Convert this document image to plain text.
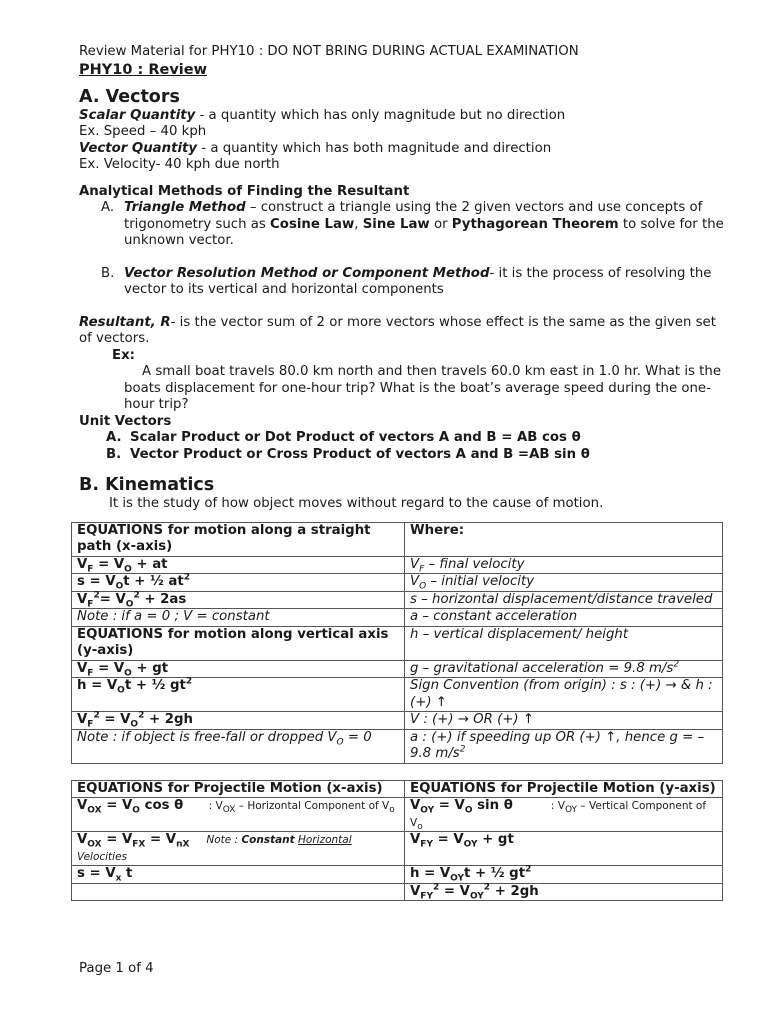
Review Material for PHY10 : DO NOT BRING DURING ACTUAL EXAMINATION
PHY10 : Review
A. Vectors
Scalar Quantity - a quantity which has only magnitude but no direction
Ex. Speed – 40 kph
Vector Quantity - a quantity which has both magnitude and direction
Ex. Velocity- 40 kph due north
Analytical Methods of Finding the Resultant
A. Triangle Method – construct a triangle using the 2 given vectors and use concepts of trigonometry such as Cosine Law, Sine Law or Pythagorean Theorem to solve for the unknown vector.
B. Vector Resolution Method or Component Method- it is the process of resolving the vector to its vertical and horizontal components
Resultant, R- is the vector sum of 2 or more vectors whose effect is the same as the given set of vectors.
Ex:
A small boat travels 80.0 km north and then travels 60.0 km east in 1.0 hr. What is the boats displacement for one-hour trip? What is the boat’s average speed during the one-hour trip?
Unit Vectors
A. Scalar Product or Dot Product of vectors A and B = AB cos θ
B. Vector Product or Cross Product of vectors A and B =AB sin θ
B. Kinematics
It is the study of how object moves without regard to the cause of motion.
EQUATIONS for motion along a straight path (x-axis)	Where:
$V_F = V_O$ + at	$V_F$ – final velocity
$s = V_Ot$ + ½ $at^2$	$V_O$ – initial velocity
$V_F^2= V_O^2 + 2as$	s – horizontal displacement/distance traveled
Note : if a = 0 ; V = constant	a – constant acceleration
EQUATIONS for motion along vertical axis (y-axis)	h – vertical displacement/ height
$V_F = V_O$ + gt	g – gravitational acceleration = 9.8 $m/s^2$
$h = V_Ot$ + ½ $gt^2$	Sign Convention (from origin) : s : (+) → & h : (+) ↑
$V_F^2 = V_O^2 + 2gh$	V : (+) → OR (+) ↑
Note : if object is free-fall or dropped $V_O = 0$	a : (+) if speeding up OR (+) ↑, hence g = – 9.8 $m/s^2$
EQUATIONS for Projectile Motion (x-axis)	EQUATIONS for Projectile Motion (y-axis)
$V_{OX} = V_O$ cos θ : $V_{OX}$ – Horizontal Component of $V_o$	$V_{OY} = V_O$ sin θ : $V_{OY}$ – Vertical Component of $V_o$
$V_{OX} = V_{FX} = V_{nX}$ Note : Constant Horizontal Velocities	$V_{FY} = V_{OY}$ + gt
$s = V_x$ t	$h = V_{OY}t$ + ½ $gt^2$
	$V_{FY}^2 = V_{OY}^2 + 2gh$
Page 1 of 4
